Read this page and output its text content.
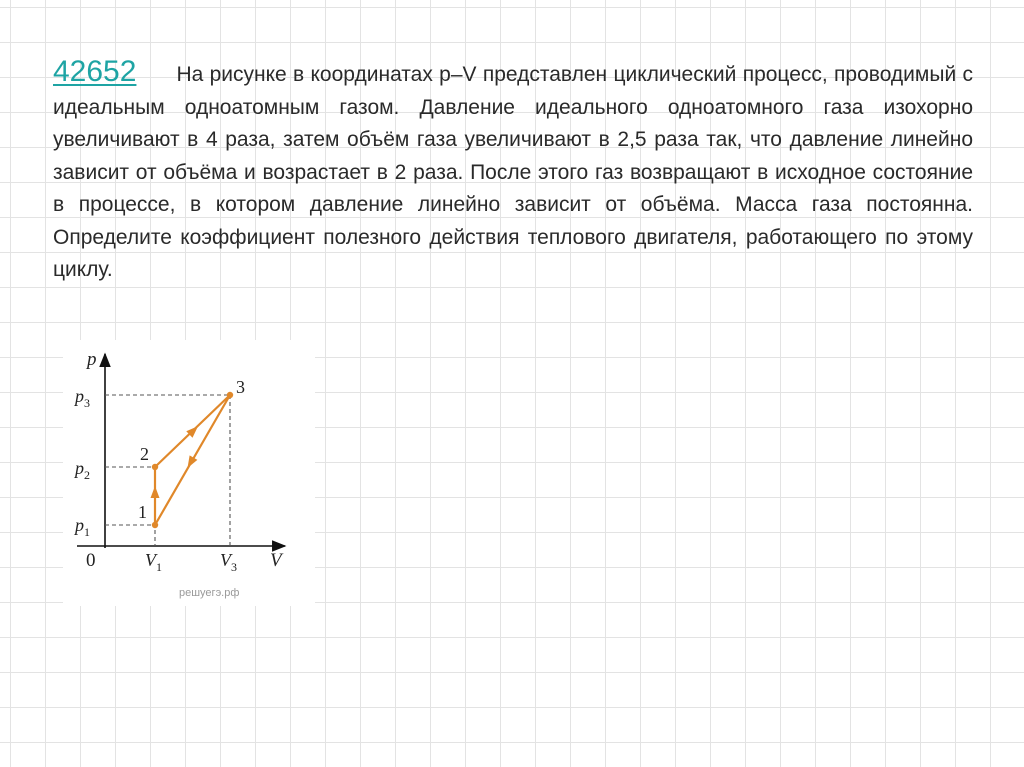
42652 На рисунке в координатах p–V представлен циклический процесс, проводимый с идеальным одноатомным газом. Давление идеального одноатомного газа изохорно увеличивают в 4 раза, затем объём газа увеличивают в 2,5 раза так, что давление линейно зависит от объёма и возрастает в 2 раза. После этого газ возвращают в исходное состояние в процессе, в котором давление линейно зависит от объёма. Масса газа постоянна. Определите коэффициент полезного действия теплового двигателя, работающего по этому циклу.
p
V
0
$p_3$
$p_2$
$p_1$
$V_1$	$V_3$
1
2
3
решуегэ.рф
